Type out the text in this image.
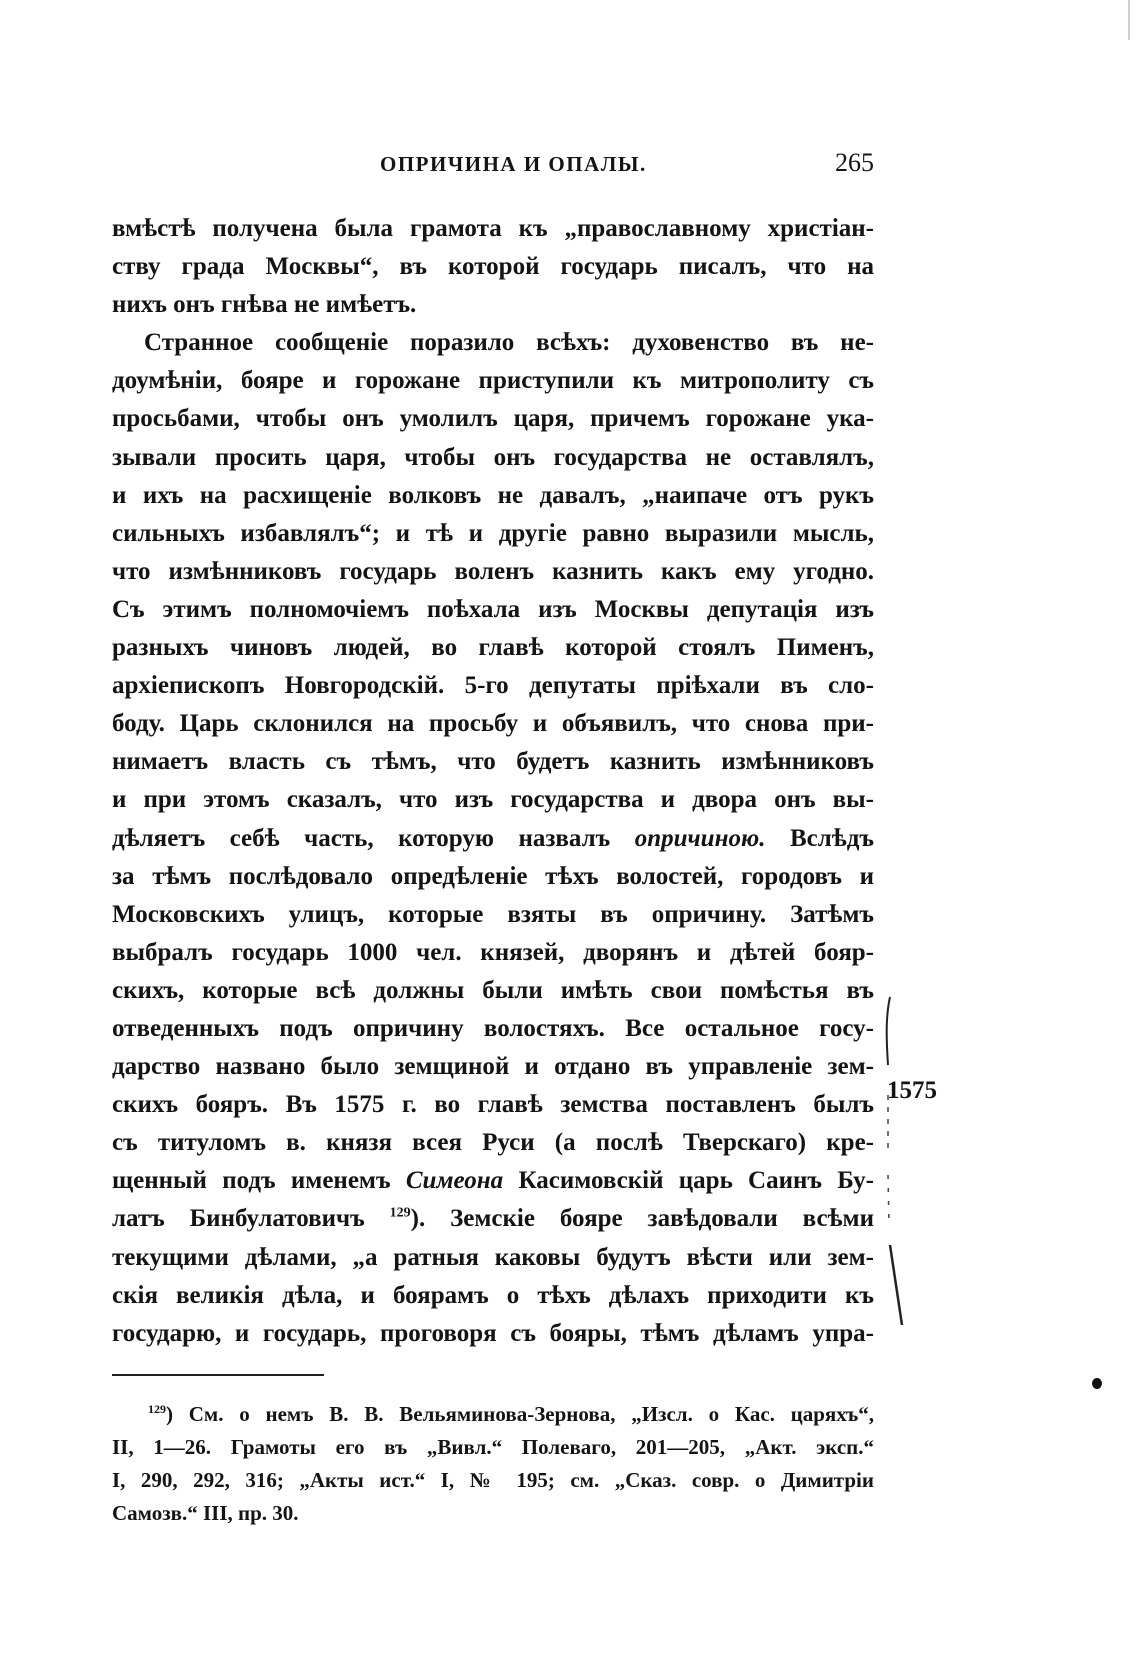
ОПРИЧИНА И ОПАЛЫ.	265
вмѣстѣ получена была грамота къ „православному христіан-
ству града Москвы“, въ которой государь писалъ, что на
нихъ онъ гнѣва не имѣетъ.
Странное сообщеніе поразило всѣхъ: духовенство въ не-
доумѣніи, бояре и горожане приступили къ митрополиту съ
просьбами, чтобы онъ умолилъ царя, причемъ горожане ука-
зывали просить царя, чтобы онъ государства не оставлялъ,
и ихъ на расхищеніе волковъ не давалъ, „наипаче отъ рукъ
сильныхъ избавлялъ“; и тѣ и другіе равно выразили мысль,
что измѣнниковъ государь воленъ казнить какъ ему угодно.
Съ этимъ полномочіемъ поѣхала изъ Москвы депутація изъ
разныхъ чиновъ людей, во главѣ которой стоялъ Пименъ,
архіепископъ Новгородскій. 5-го депутаты пріѣхали въ сло-
боду. Царь склонился на просьбу и объявилъ, что снова при-
нимаетъ власть съ тѣмъ, что будетъ казнить измѣнниковъ
и при этомъ сказалъ, что изъ государства и двора онъ вы-
дѣляетъ себѣ часть, которую назвалъ опричиною. Вслѣдъ
за тѣмъ послѣдовало опредѣленіе тѣхъ волостей, городовъ и
Московскихъ улицъ, которые взяты въ опричину. Затѣмъ
выбралъ государь 1000 чел. князей, дворянъ и дѣтей бояр-
скихъ, которые всѣ должны были имѣть свои помѣстья въ
отведенныхъ подъ опричину волостяхъ. Все остальное госу-
дарство названо было земщиной и отдано въ управленіе зем-
скихъ бояръ. Въ 1575 г. во главѣ земства поставленъ былъ
съ титуломъ в. князя всея Руси (а послѣ Тверскаго) кре-
щенный подъ именемъ Симеона Касимовскій царь Саинъ Бу-
латъ Бинбулатовичъ $^{129}$). Земскіе бояре завѣдовали всѣми
текущими дѣлами, „а ратныя каковы будутъ вѣсти или зем-
скія великія дѣла, и боярамъ о тѣхъ дѣлахъ приходити къ
государю, и государь, проговоря съ бояры, тѣмъ дѣламъ упра-
1575
$^{129}$) См. о немъ В. В. Вельяминова-Зернова, „Изсл. о Кас. царяхъ“,
II, 1—26. Грамоты его въ „Вивл.“ Полеваго, 201—205, „Акт. эксп.“
I, 290, 292, 316; „Акты ист.“ I, № 195; см. „Сказ. совр. о Димитріи
Самозв.“ III, пр. 30.
